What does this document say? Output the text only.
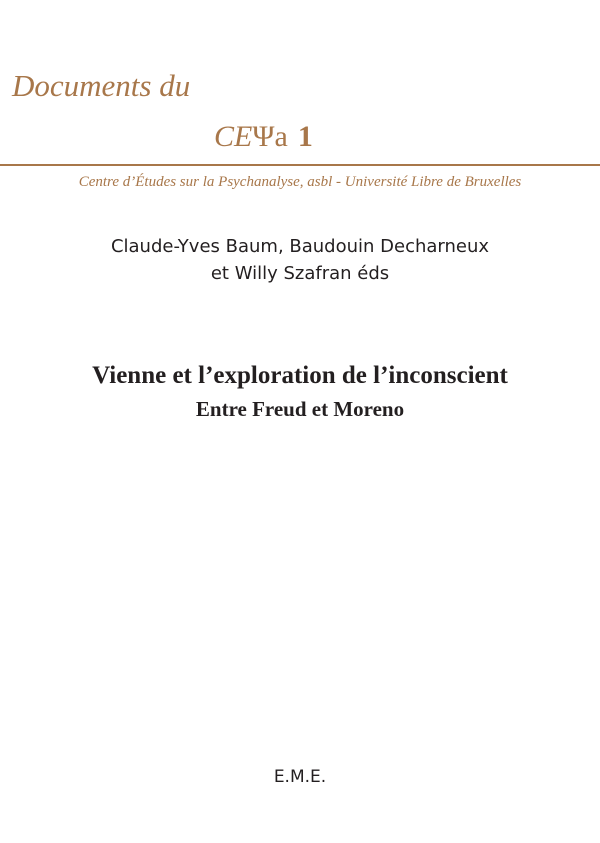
Documents du

CEΨa 1

Centre d’Études sur la Psychanalyse, asbl - Université Libre de Bruxelles

Claude-Yves Baum, Baudouin Decharneux
et Willy Szafran éds

Vienne et l’exploration de l’inconscient

Entre Freud et Moreno

E.M.E.
